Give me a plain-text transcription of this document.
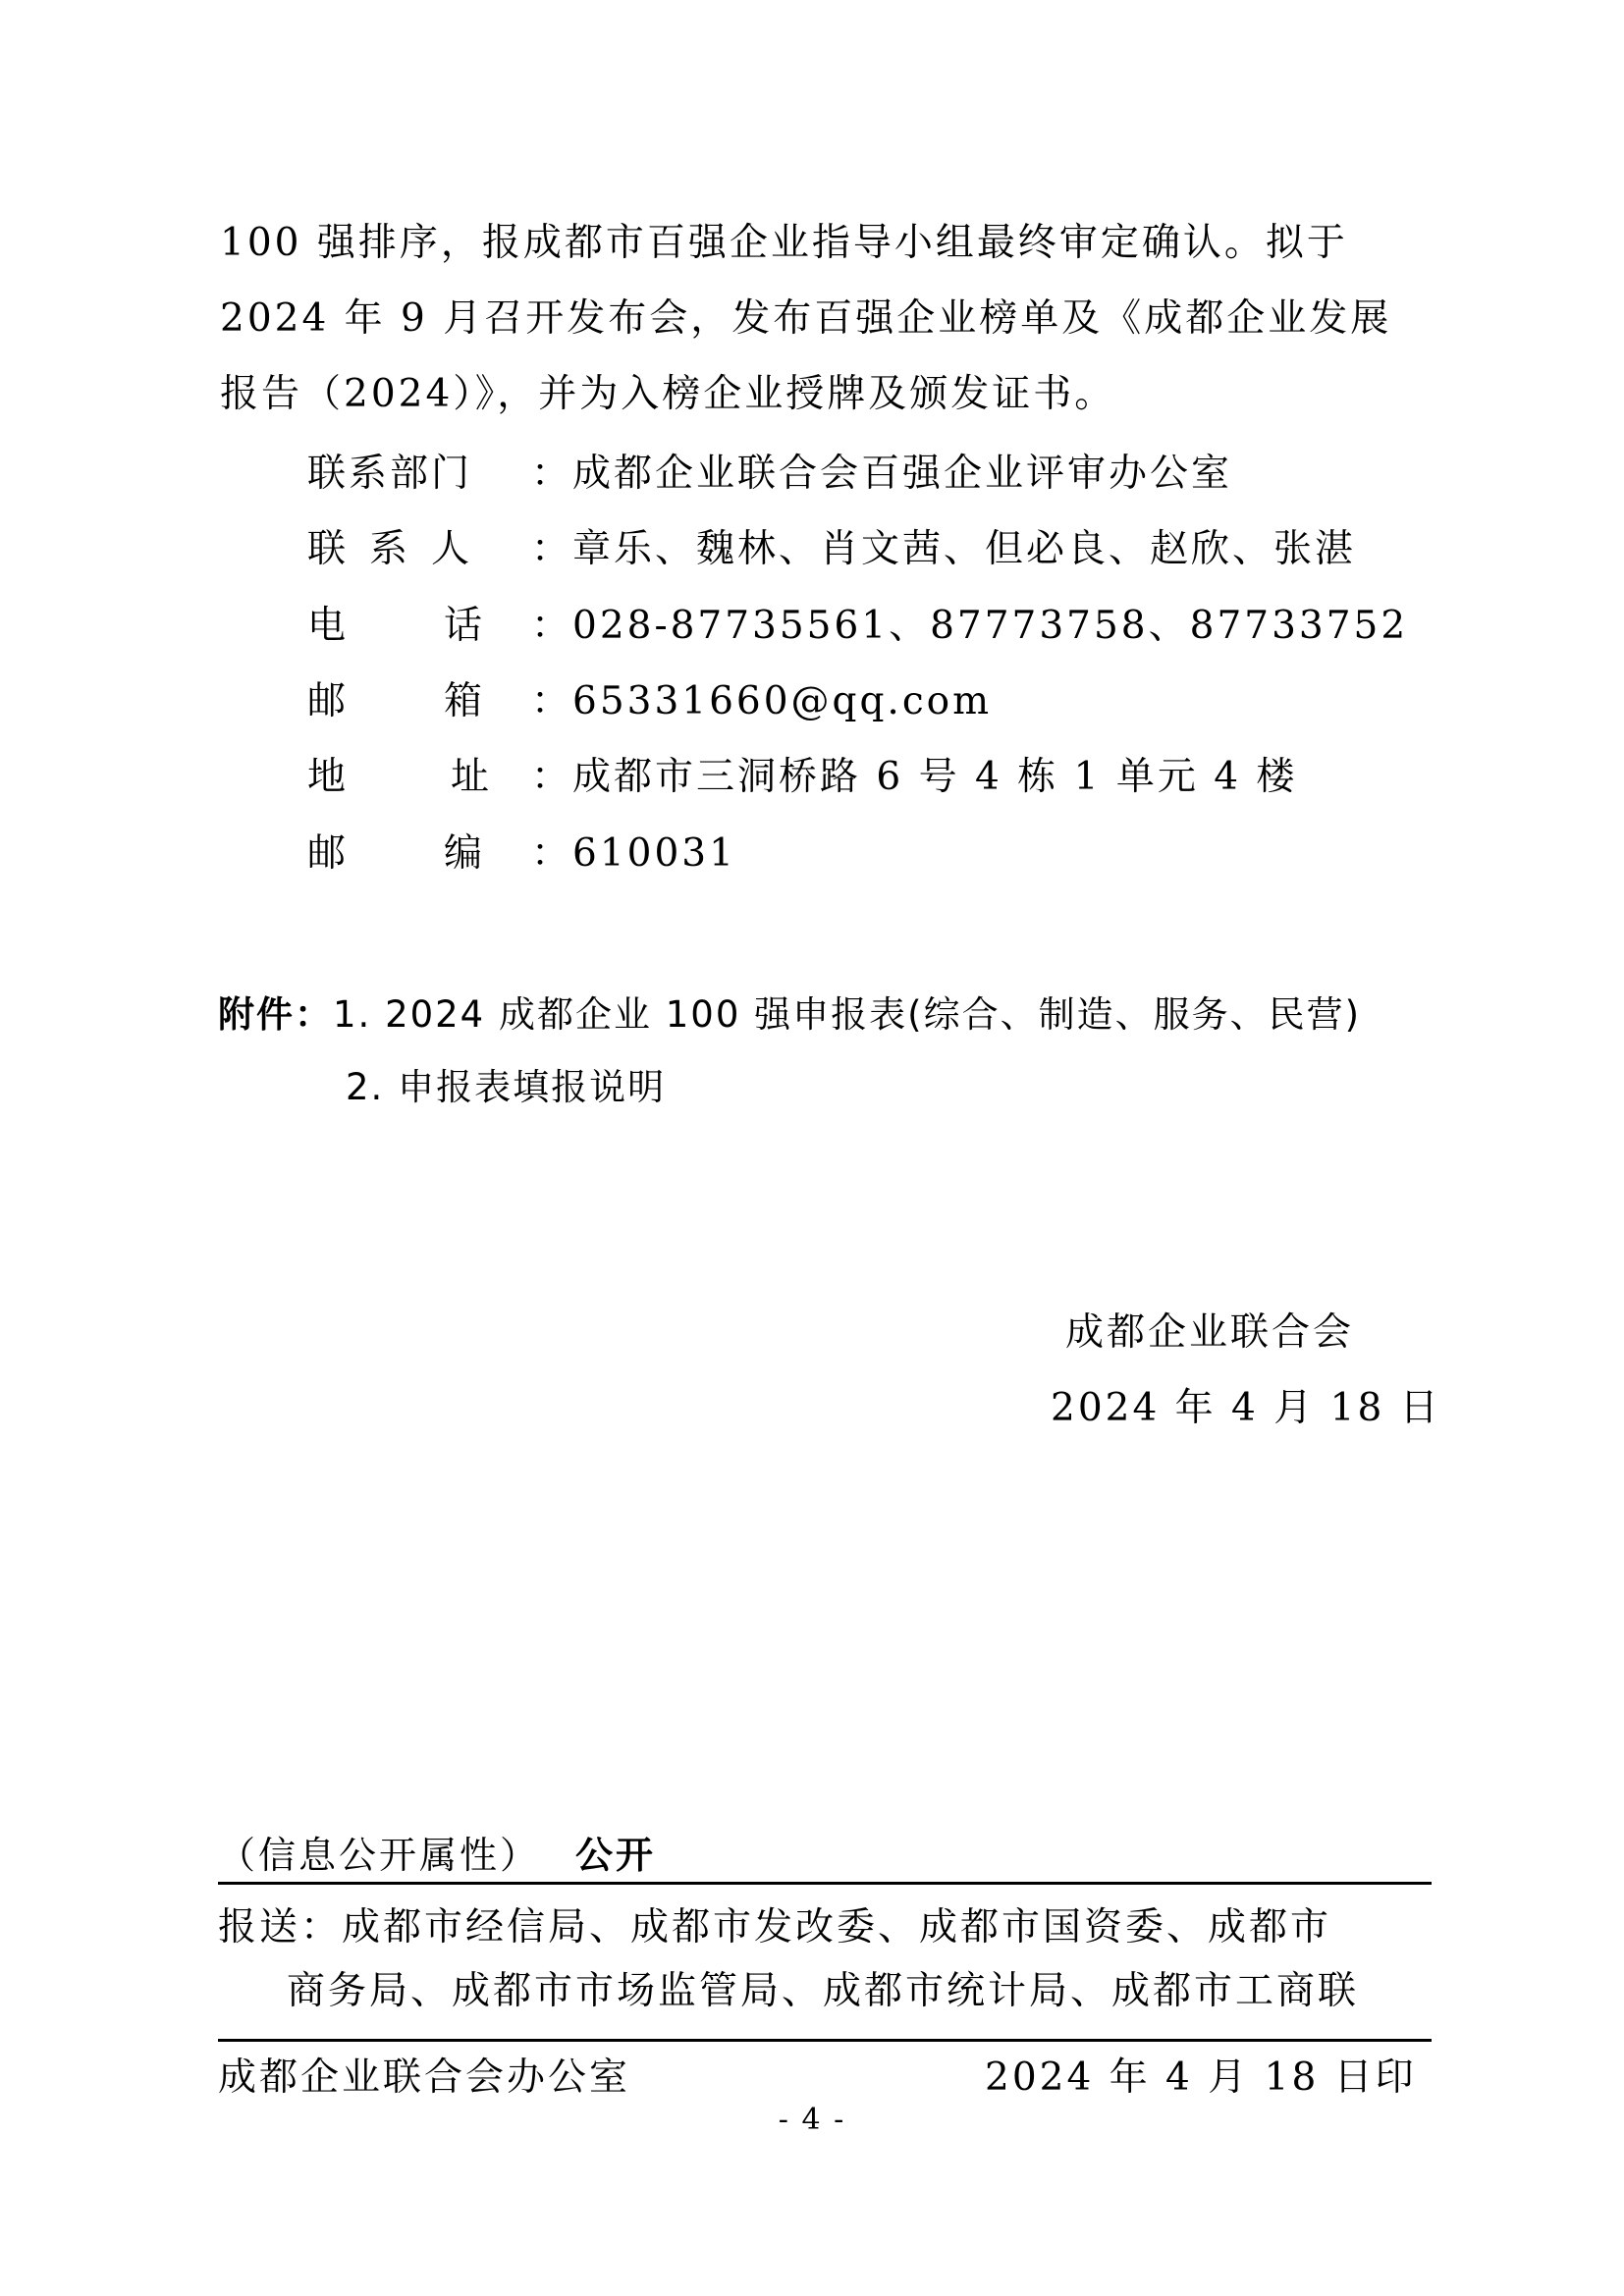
100 强排序，报成都市百强企业指导小组最终审定确认。拟于
2024 年 9 月召开发布会，发布百强企业榜单及《成都企业发展
报告（2024）》，并为入榜企业授牌及颁发证书。
联系部门 ：成都企业联合会百强企业评审办公室
联系人 ：章乐、魏林、肖文茜、但必良、赵欣、张湛
电	话 ：028-87735561、87773758、87733752
邮	箱 ：65331660@qq.com
地	址 ：成都市三洞桥路 6 号 4 栋 1 单元 4 楼
邮	编 ：610031
附件：1. 2024 成都企业 100 强申报表(综合、制造、服务、民营)
2. 申报表填报说明
成都企业联合会
2024 年 4 月 18 日
（信息公开属性） 公开
报送：成都市经信局、成都市发改委、成都市国资委、成都市
商务局、成都市市场监管局、成都市统计局、成都市工商联
成都企业联合会办公室	2024 年 4 月 18 日印
- 4 -
